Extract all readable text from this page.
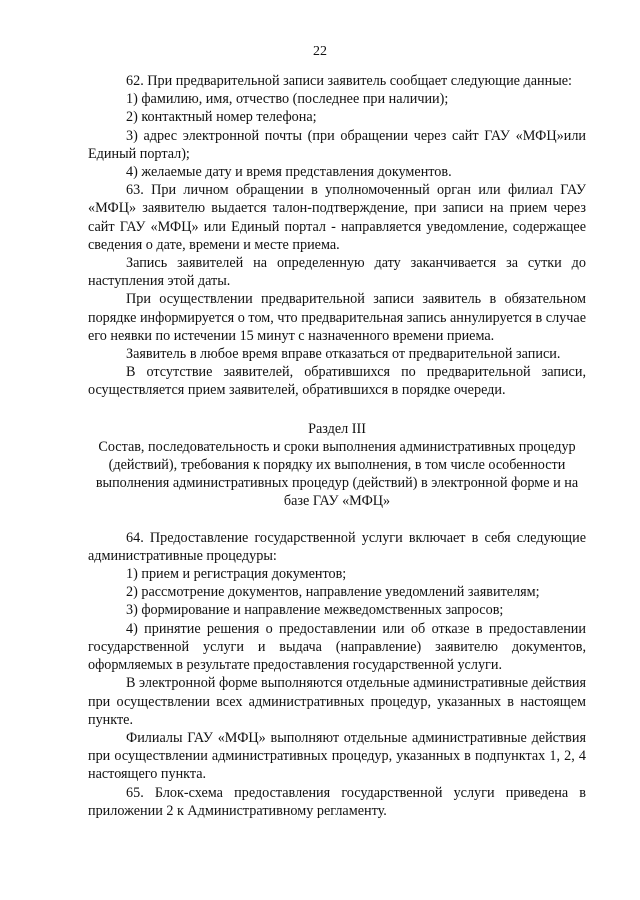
22

62. При предварительной записи заявитель сообщает следующие данные:

1) фамилию, имя, отчество (последнее при наличии);

2) контактный номер телефона;

3) адрес электронной почты (при обращении через сайт ГАУ «МФЦ»или Единый портал);

4) желаемые дату и время представления документов.

63. При личном обращении в уполномоченный орган или филиал ГАУ «МФЦ» заявителю выдается талон-подтверждение, при записи на прием через сайт ГАУ «МФЦ» или Единый портал - направляется уведомление, содержащее сведения о дате, времени и месте приема.

Запись заявителей на определенную дату заканчивается за сутки до наступления этой даты.

При осуществлении предварительной записи заявитель в обязательном порядке информируется о том, что предварительная запись аннулируется в случае его неявки по истечении 15 минут с назначенного времени приема.

Заявитель в любое время вправе отказаться от предварительной записи.

В отсутствие заявителей, обратившихся по предварительной записи, осуществляется прием заявителей, обратившихся в порядке очереди.

Раздел III

Состав, последовательность и сроки выполнения административных процедур (действий), требования к порядку их выполнения, в том числе особенности выполнения административных процедур (действий) в электронной форме и на базе ГАУ «МФЦ»

64. Предоставление государственной услуги включает в себя следующие административные процедуры:

1) прием и регистрация документов;

2) рассмотрение документов, направление уведомлений заявителям;

3) формирование и направление межведомственных запросов;

4) принятие решения о предоставлении или об отказе в предоставлении государственной услуги и выдача (направление) заявителю документов, оформляемых в результате предоставления государственной услуги.

В электронной форме выполняются отдельные административные действия при осуществлении всех административных процедур, указанных в настоящем пункте.

Филиалы ГАУ «МФЦ» выполняют отдельные административные действия при осуществлении административных процедур, указанных в подпунктах 1, 2, 4 настоящего пункта.

65. Блок-схема предоставления государственной услуги приведена в приложении 2 к Административному регламенту.
